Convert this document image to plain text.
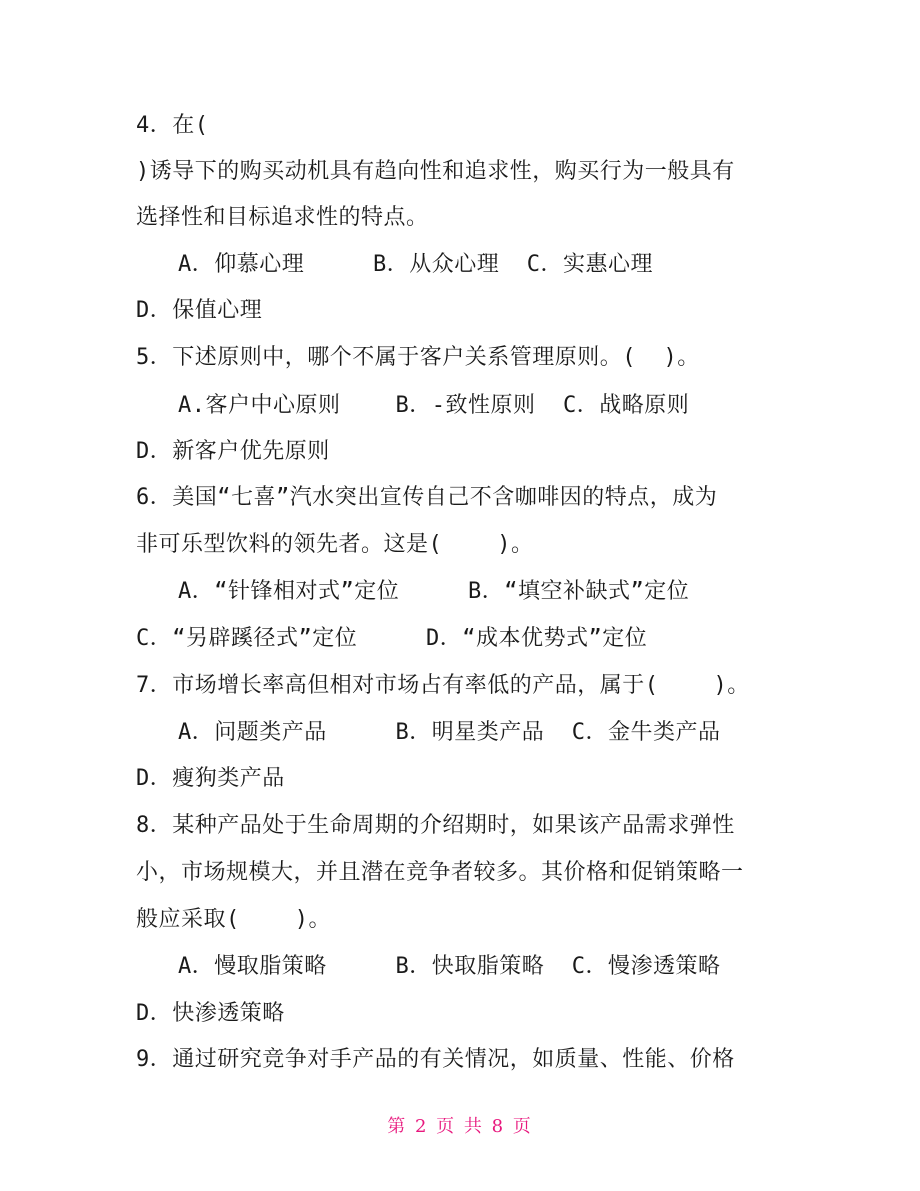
4．在(
)诱导下的购买动机具有趋向性和追求性，购买行为一般具有
选择性和目标追求性的特点。
A．仰慕心理     B．从众心理  C．实惠心理
D．保值心理
5．下述原则中，哪个不属于客户关系管理原则。(  )。
A.客户中心原则    B．-致性原则  C．战略原则
D．新客户优先原则
6．美国“七喜”汽水突出宣传自己不含咖啡因的特点，成为
非可乐型饮料的领先者。这是(    )。
A．“针锋相对式”定位     B．“填空补缺式”定位
C．“另辟蹊径式”定位     D．“成本优势式”定位
7．市场增长率高但相对市场占有率低的产品，属于(    )。
A．问题类产品     B．明星类产品  C．金牛类产品
D．瘦狗类产品
8．某种产品处于生命周期的介绍期时，如果该产品需求弹性
小，市场规模大，并且潜在竞争者较多。其价格和促销策略一
般应采取(    )。
A．慢取脂策略     B．快取脂策略  C．慢渗透策略
D．快渗透策略
9．通过研究竞争对手产品的有关情况，如质量、性能、价格
第 2 页 共 8 页
